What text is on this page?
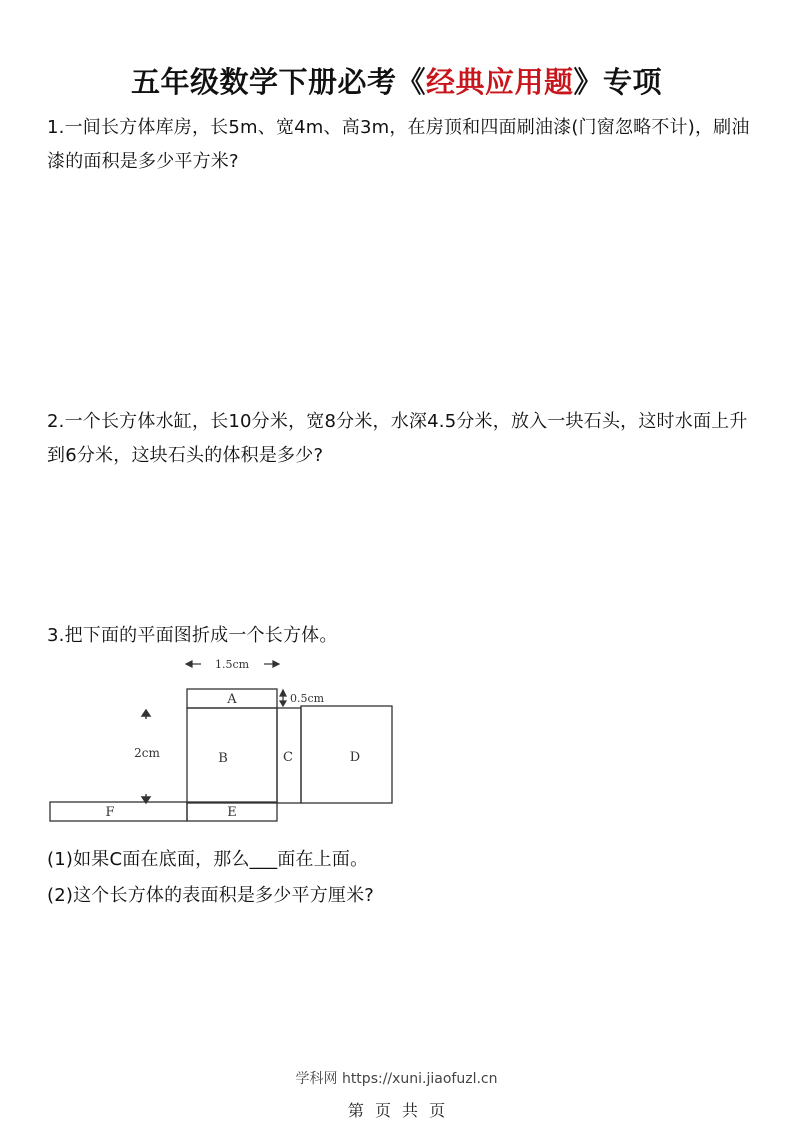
五年级数学下册必考《经典应用题》专项
1.一间长方体库房，长5m、宽4m、高3m，在房顶和四面刷油漆(门窗忽略不计)，刷油漆的面积是多少平方米?
2.一个长方体水缸，长10分米，宽8分米，水深4.5分米，放入一块石头，这时水面上升到6分米，这块石头的体积是多少?
3.把下面的平面图折成一个长方体。
1.5cm
0.5cm
2cm
A
B	C	D
E
F
(1)如果C面在底面，那么___面在上面。
(2)这个长方体的表面积是多少平方厘米?
学科网 https://xuni.jiaofuzl.cn
第 页 共 页
